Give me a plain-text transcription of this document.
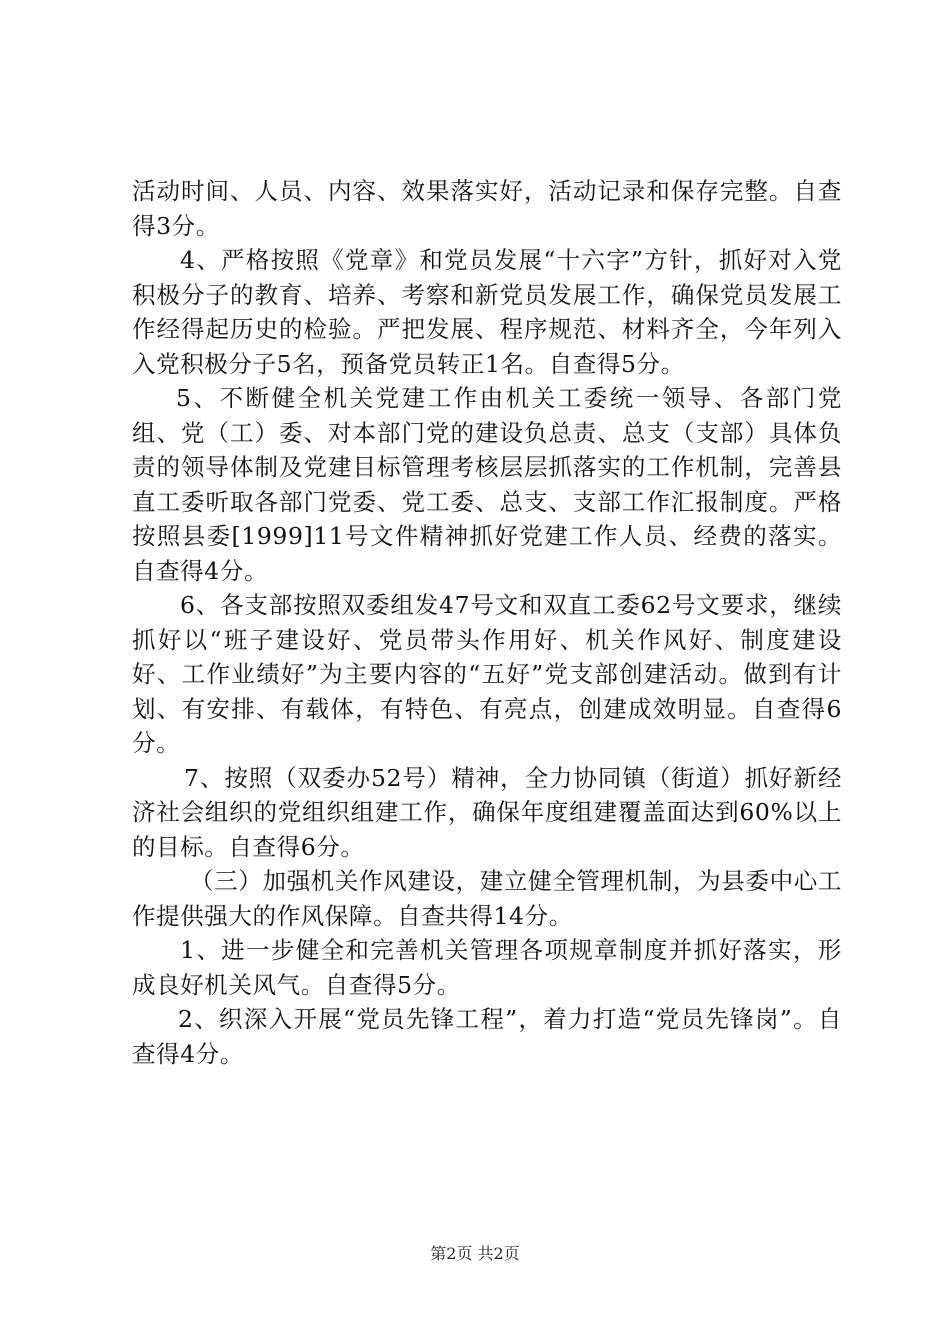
活动时间、人员、内容、效果落实好，活动记录和保存完整。自查得3分。

4、严格按照《党章》和党员发展“十六字”方针，抓好对入党积极分子的教育、培养、考察和新党员发展工作，确保党员发展工作经得起历史的检验。严把发展、程序规范、材料齐全，今年列入入党积极分子5名，预备党员转正1名。自查得5分。

5、不断健全机关党建工作由机关工委统一领导、各部门党组、党（工）委、对本部门党的建设负总责、总支（支部）具体负责的领导体制及党建目标管理考核层层抓落实的工作机制，完善县直工委听取各部门党委、党工委、总支、支部工作汇报制度。严格按照县委[1999]11号文件精神抓好党建工作人员、经费的落实。自查得4分。

6、各支部按照双委组发47号文和双直工委62号文要求，继续抓好以“班子建设好、党员带头作用好、机关作风好、制度建设好、工作业绩好”为主要内容的“五好”党支部创建活动。做到有计划、有安排、有载体，有特色、有亮点，创建成效明显。自查得6分。

7、按照（双委办52号）精神，全力协同镇（街道）抓好新经济社会组织的党组织组建工作，确保年度组建覆盖面达到60%以上的目标。自查得6分。

（三）加强机关作风建设，建立健全管理机制，为县委中心工作提供强大的作风保障。自查共得14分。

1、进一步健全和完善机关管理各项规章制度并抓好落实，形成良好机关风气。自查得5分。

2、织深入开展“党员先锋工程”，着力打造“党员先锋岗”。自查得4分。

第2页 共2页
